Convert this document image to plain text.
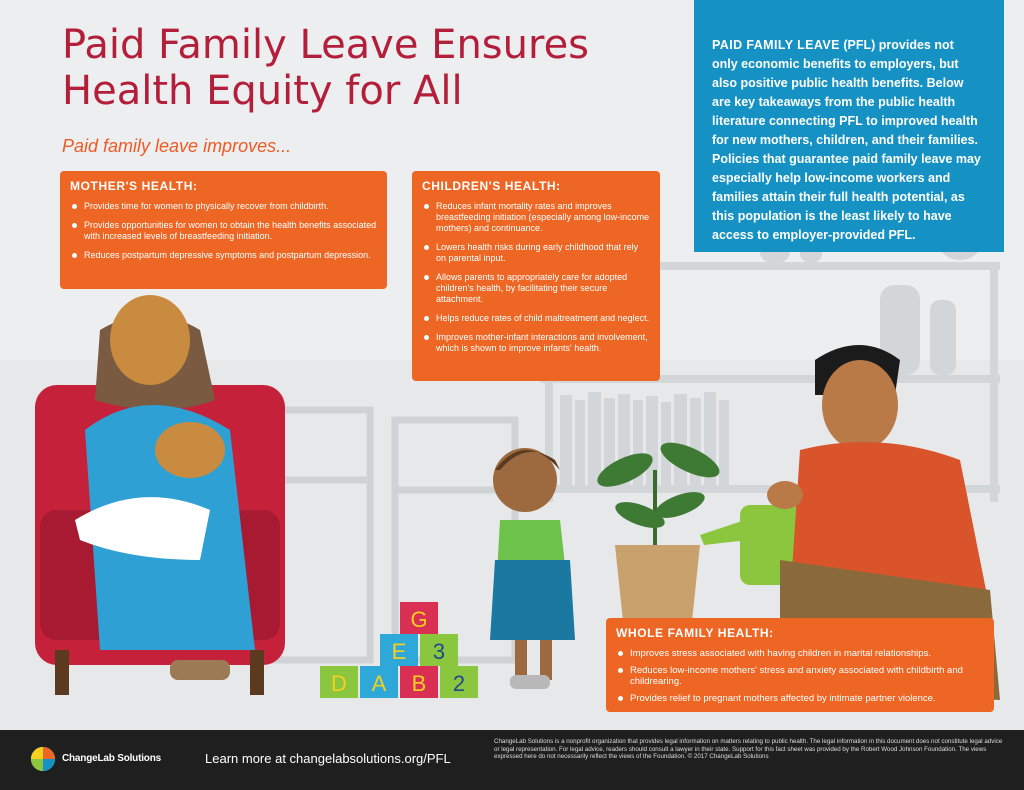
G
E 3
D A B 2
Paid Family Leave Ensures Health Equity for All
Paid family leave improves...
PAID FAMILY LEAVE (PFL) provides not only economic benefits to employers, but also positive public health benefits. Below are key takeaways from the public health literature connecting PFL to improved health for new mothers, children, and their families. Policies that guarantee paid family leave may especially help low-income workers and families attain their full health potential, as this population is the least likely to have access to employer-provided PFL.
MOTHER'S HEALTH:
Provides time for women to physically recover from childbirth.
Provides opportunities for women to obtain the health benefits associated with increased levels of breastfeeding initiation.
Reduces postpartum depressive symptoms and postpartum depression.
CHILDREN'S HEALTH:
Reduces infant mortality rates and improves breastfeeding initiation (especially among low-income mothers) and continuance.
Lowers health risks during early childhood that rely on parental input.
Allows parents to appropriately care for adopted children's health, by facilitating their secure attachment.
Helps reduce rates of child maltreatment and neglect.
Improves mother-infant interactions and involvement, which is shown to improve infants' health.
WHOLE FAMILY HEALTH:
Improves stress associated with having children in marital relationships.
Reduces low-income mothers' stress and anxiety associated with childbirth and childrearing.
Provides relief to pregnant mothers affected by intimate partner violence.
ChangeLab Solutions	Learn more at changelabsolutions.org/PFL
ChangeLab Solutions is a nonprofit organization that provides legal information on matters relating to public health. The legal information in this document does not constitute legal advice or legal representation. For legal advice, readers should consult a lawyer in their state. Support for this fact sheet was provided by the Robert Wood Johnson Foundation. The views expressed here do not necessarily reflect the views of the Foundation. © 2017 ChangeLab Solutions
